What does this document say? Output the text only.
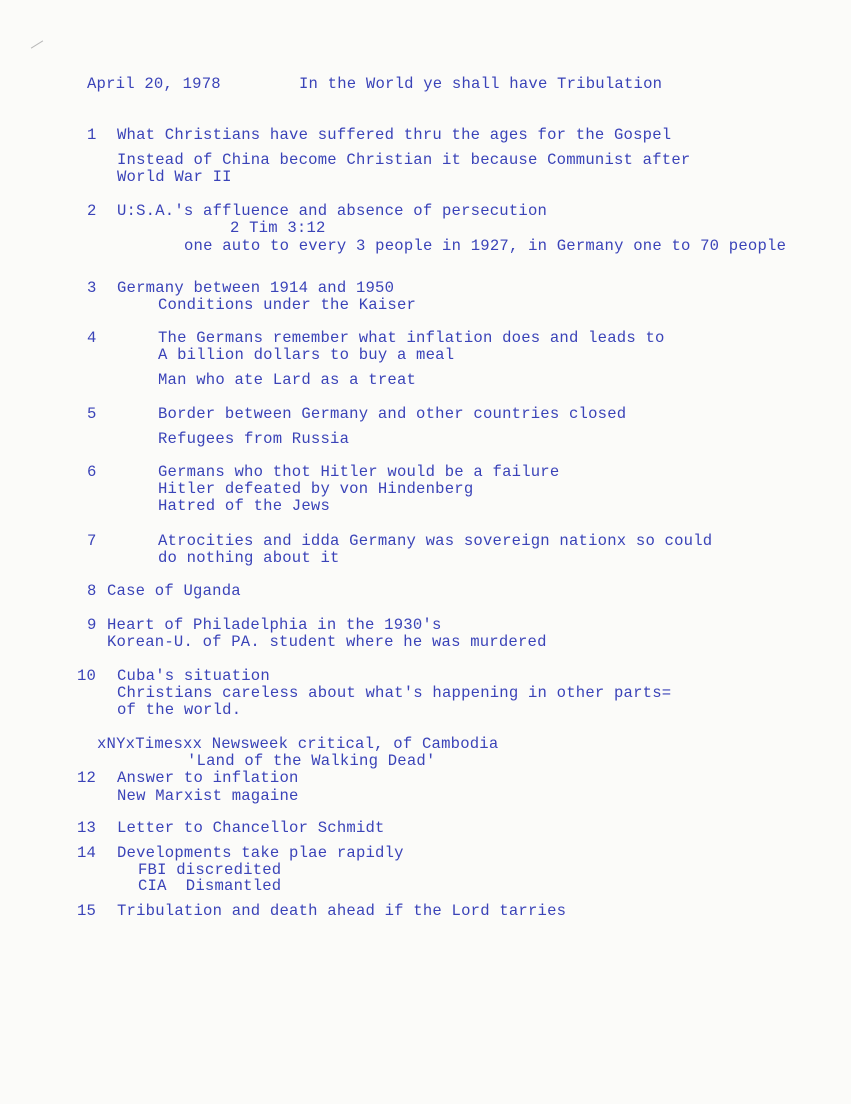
April 20, 1978	In the World ye shall have Tribulation
1 What Christians have suffered thru the ages for the Gospel
Instead of China become Christian it because Communist after
World War II
2 U:S.A.'s affluence and absence of persecution
2 Tim 3:12
one auto to every 3 people in 1927, in Germany one to 70 people
3 Germany between 1914 and 1950
Conditions under the Kaiser
4	The Germans remember what inflation does and leads to
A billion dollars to buy a meal
Man who ate Lard as a treat
5	Border between Germany and other countries closed
Refugees from Russia
6	Germans who thot Hitler would be a failure
Hitler defeated by von Hindenberg
Hatred of the Jews
7	Atrocities and idda Germany was sovereign nationx so could
do nothing about it
8 Case of Uganda
9 Heart of Philadelphia in the 1930's
Korean-U. of PA. student where he was murdered
10 Cuba's situation
Christians careless about what's happening in other parts=
of the world.
xNYxTimesxx Newsweek critical, of Cambodia
'Land of the Walking Dead'
12 Answer to inflation
New Marxist magaine
13 Letter to Chancellor Schmidt
14 Developments take plae rapidly
FBI discredited
CIA  Dismantled
15 Tribulation and death ahead if the Lord tarries
